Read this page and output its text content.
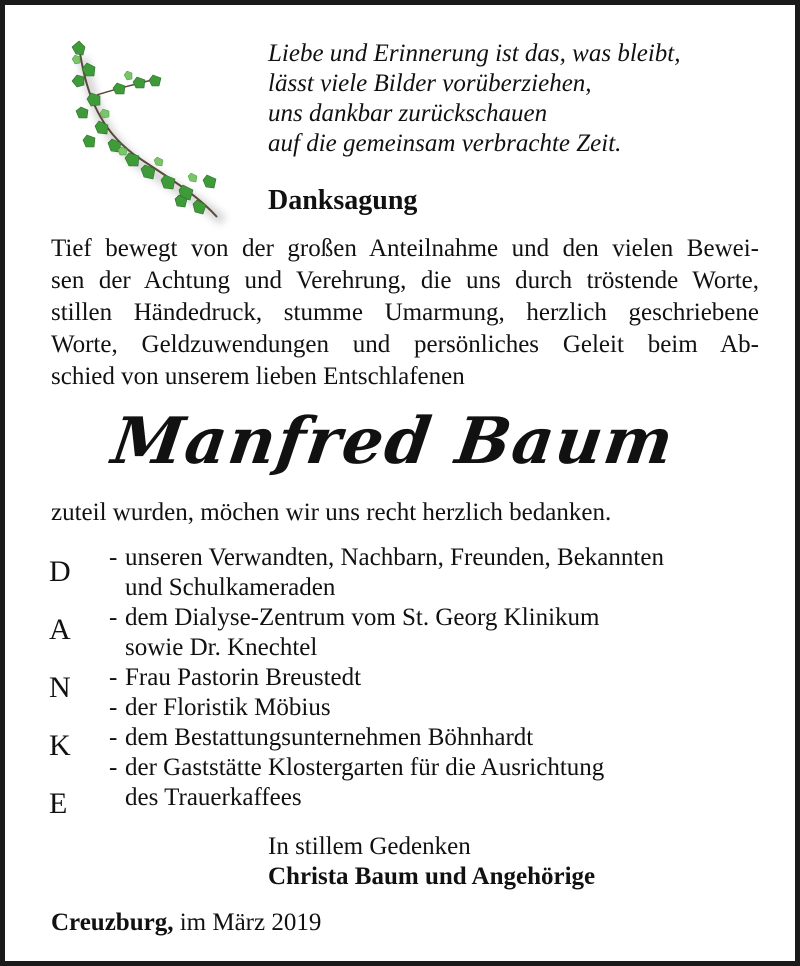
Liebe und Erinnerung ist das, was bleibt,
lässt viele Bilder vorüberziehen,
uns dankbar zurückschauen
auf die gemeinsam verbrachte Zeit.
Danksagung
Tief bewegt von der großen Anteilnahme und den vielen Bewei-
sen der Achtung und Verehrung, die uns durch tröstende Worte,
stillen Händedruck, stumme Umarmung, herzlich geschriebene
Worte, Geldzuwendungen und persönliches Geleit beim Ab-
schied von unserem lieben Entschlafenen
Manfred Baum
zuteil wurden, möchen wir uns recht herzlich bedanken.
D
A
N
K
E
- unseren Verwandten, Nachbarn, Freunden, Bekannten
und Schulkameraden
- dem Dialyse-Zentrum vom St. Georg Klinikum
sowie Dr. Knechtel
- Frau Pastorin Breustedt
- der Floristik Möbius
- dem Bestattungsunternehmen Böhnhardt
- der Gaststätte Klostergarten für die Ausrichtung
des Trauerkaffees
In stillem Gedenken
Christa Baum und Angehörige
Creuzburg, im März 2019
